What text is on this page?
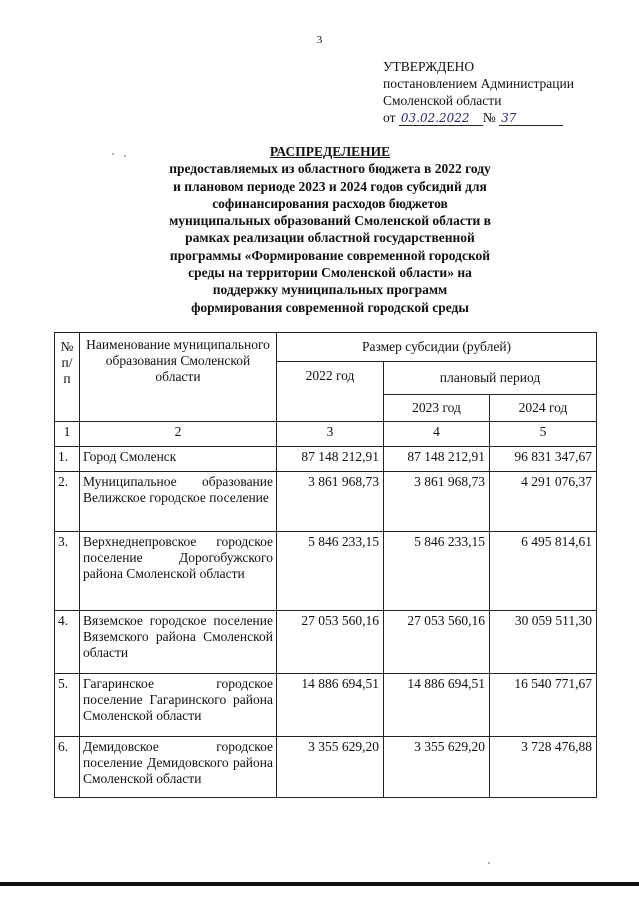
3
УТВЕРЖДЕНО
постановлением Администрации
Смоленской области
от 03.02.2022 № 37
РАСПРЕДЕЛЕНИЕ
предоставляемых из областного бюджета в 2022 году
и плановом периоде 2023 и 2024 годов субсидий для
софинансирования расходов бюджетов
муниципальных образований Смоленской области в
рамках реализации областной государственной
программы «Формирование современной городской
среды на территории Смоленской области» на
поддержку муниципальных программ
формирования современной городской среды
№ п/п	Наименование муниципального образования Смоленской области	Размер субсидии (рублей)		
		2022 год	плановый период	
			2023 год	2024 год
1	2	3	4	5
1.	Город Смоленск	87 148 212,91	87 148 212,91	96 831 347,67
2.	Муниципальное образование Велижское городское поселение	3 861 968,73	3 861 968,73	4 291 076,37
3.	Верхнеднепровское городское поселение Дорогобужского района Смоленской области	5 846 233,15	5 846 233,15	6 495 814,61
4.	Вяземское городское поселение Вяземского района Смоленской области	27 053 560,16	27 053 560,16	30 059 511,30
5.	Гагаринское городское поселение Гагаринского района Смоленской области	14 886 694,51	14 886 694,51	16 540 771,67
6.	Демидовское городское поселение Демидовского района Смоленской области	3 355 629,20	3 355 629,20	3 728 476,88
